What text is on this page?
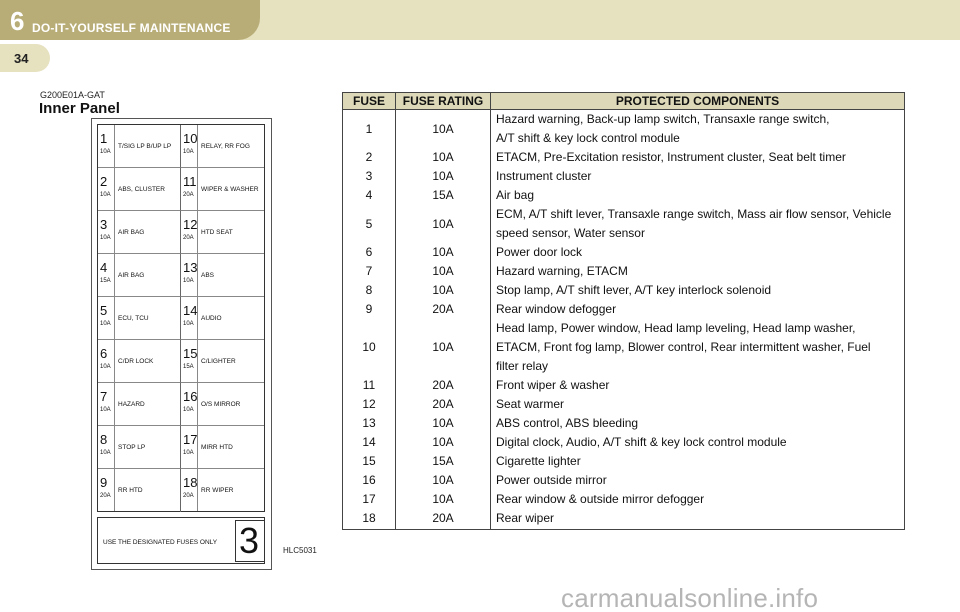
6 DO-IT-YOURSELF MAINTENANCE
34
G200E01A-GAT
Inner Panel
1
10A
T/SIG LP B/UP LP
2
10A
ABS, CLUSTER
3
10A
AIR BAG
4
15A
AIR BAG
5
10A
ECU, TCU
6
10A
C/DR LOCK
7
10A
HAZARD
8
10A
STOP LP
9
20A
RR HTD
10
10A
RELAY, RR FOG
11
20A
WIPER & WASHER
12
20A
HTD SEAT
13
10A
ABS
14
10A
AUDIO
15
15A
C/LIGHTER
16
10A
O/S MIRROR
17
10A
MIRR HTD
18
20A
RR WIPER
USE THE DESIGNATED FUSES ONLY 3	HLC5031
FUSE	FUSE RATING	PROTECTED COMPONENTS
1	10A	Hazard warning, Back-up lamp switch, Transaxle range switch,
A/T shift & key lock control module
2	10A	ETACM, Pre-Excitation resistor, Instrument cluster, Seat belt timer
3	10A	Instrument cluster
4	15A	Air bag
5	10A	ECM, A/T shift lever, Transaxle range switch, Mass air flow sensor, Vehicle
speed sensor, Water sensor
6	10A	Power door lock
7	10A	Hazard warning, ETACM
8	10A	Stop lamp, A/T shift lever, A/T key interlock solenoid
9	20A	Rear window defogger
10	10A	Head lamp, Power window, Head lamp leveling, Head lamp washer,
ETACM, Front fog lamp, Blower control, Rear intermittent washer, Fuel
filter relay
11	20A	Front wiper & washer
12	20A	Seat warmer
13	10A	ABS control, ABS bleeding
14	10A	Digital clock, Audio, A/T shift & key lock control module
15	15A	Cigarette lighter
16	10A	Power outside mirror
17	10A	Rear window & outside mirror defogger
18	20A	Rear wiper
carmanualsonline.info
